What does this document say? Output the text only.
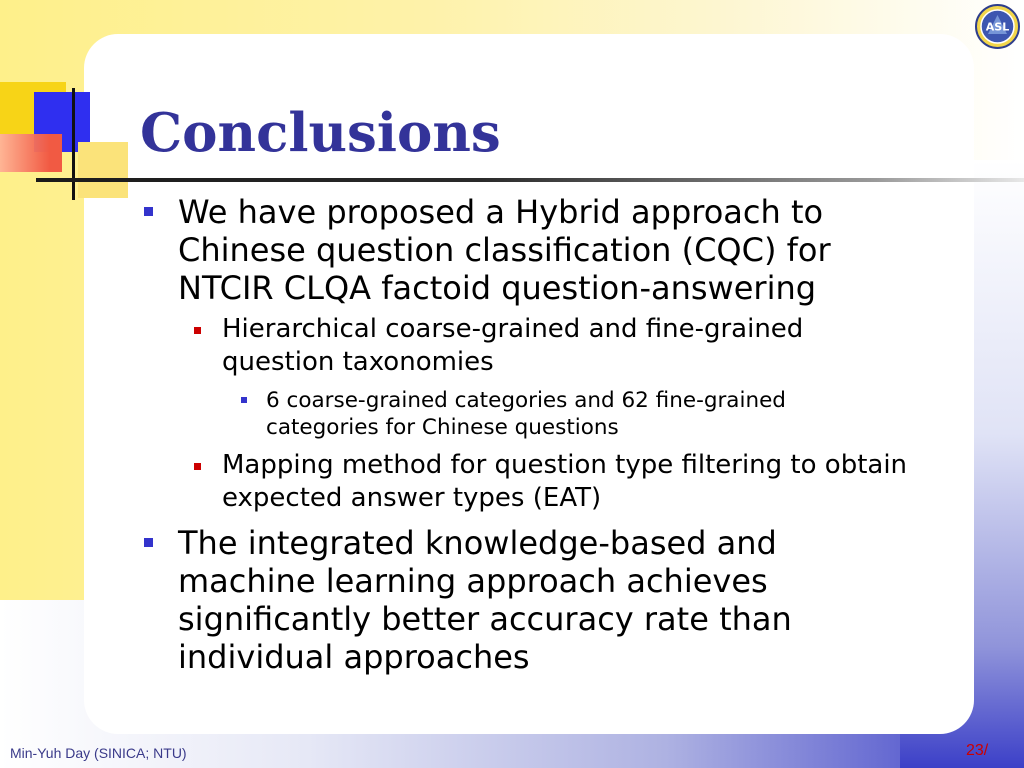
ASL
Conclusions
We have proposed a Hybrid approach to Chinese question classification (CQC) for NTCIR CLQA factoid question-answering
Hierarchical coarse-grained and fine-grained question taxonomies
6 coarse-grained categories and 62 fine-grained categories for Chinese questions
Mapping method for question type filtering to obtain expected answer types (EAT)
The integrated knowledge-based and machine learning approach achieves significantly better accuracy rate than individual approaches
Min-Yuh Day (SINICA; NTU)	23/
